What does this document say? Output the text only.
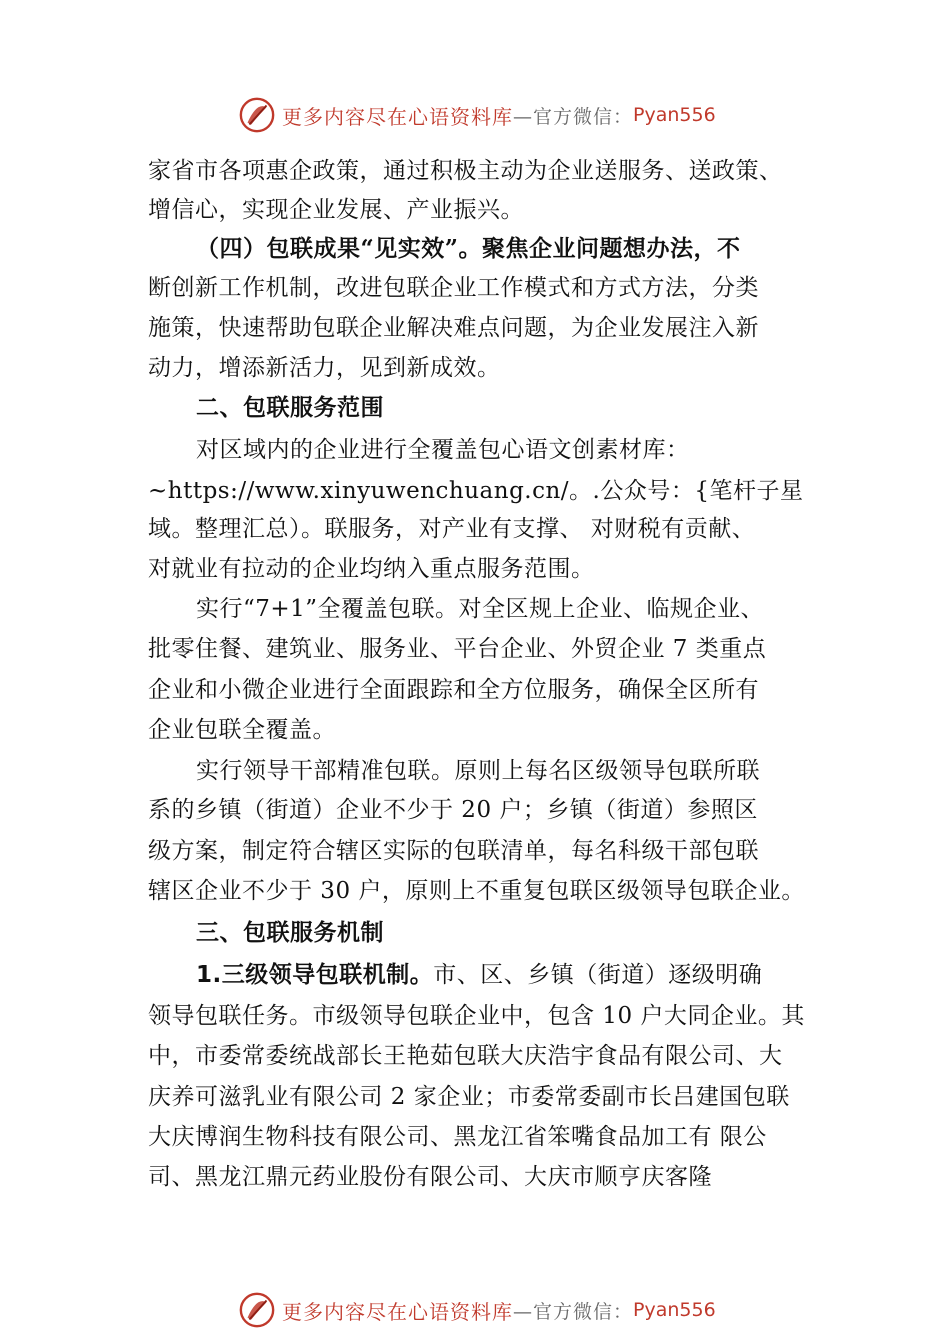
更多内容尽在心语资料库 —官方微信： Pyan556
家省市各项惠企政策，通过积极主动为企业送服务、送政策、
增信心，实现企业发展、产业振兴。
（四）包联成果“见实效”。聚焦企业问题想办法，不
断创新工作机制，改进包联企业工作模式和方式方法，分类
施策，快速帮助包联企业解决难点问题，为企业发展注入新
动力，增添新活力，见到新成效。
二、包联服务范围
对区域内的企业进行全覆盖包心语文创素材库：
~https://www.xinyuwenchuang.cn/。.公众号：{笔杆子星
域。整理汇总）。联服务，对产业有支撑、 对财税有贡献、
对就业有拉动的企业均纳入重点服务范围。
实行“7+1”全覆盖包联。对全区规上企业、临规企业、
批零住餐、建筑业、服务业、平台企业、外贸企业 7 类重点
企业和小微企业进行全面跟踪和全方位服务，确保全区所有
企业包联全覆盖。
实行领导干部精准包联。原则上每名区级领导包联所联
系的乡镇（街道）企业不少于 20 户；乡镇（街道）参照区
级方案，制定符合辖区实际的包联清单，每名科级干部包联
辖区企业不少于 30 户，原则上不重复包联区级领导包联企业。
三、包联服务机制
1.三级领导包联机制。市、区、乡镇（街道）逐级明确
领导包联任务。市级领导包联企业中，包含 10 户大同企业。其
中，市委常委统战部长王艳茹包联大庆浩宇食品有限公司、大
庆养可滋乳业有限公司 2 家企业；市委常委副市长吕建国包联
大庆博润生物科技有限公司、黑龙江省笨嘴食品加工有 限公
司、黑龙江鼎元药业股份有限公司、大庆市顺亨庆客隆
更多内容尽在心语资料库 —官方微信： Pyan556
